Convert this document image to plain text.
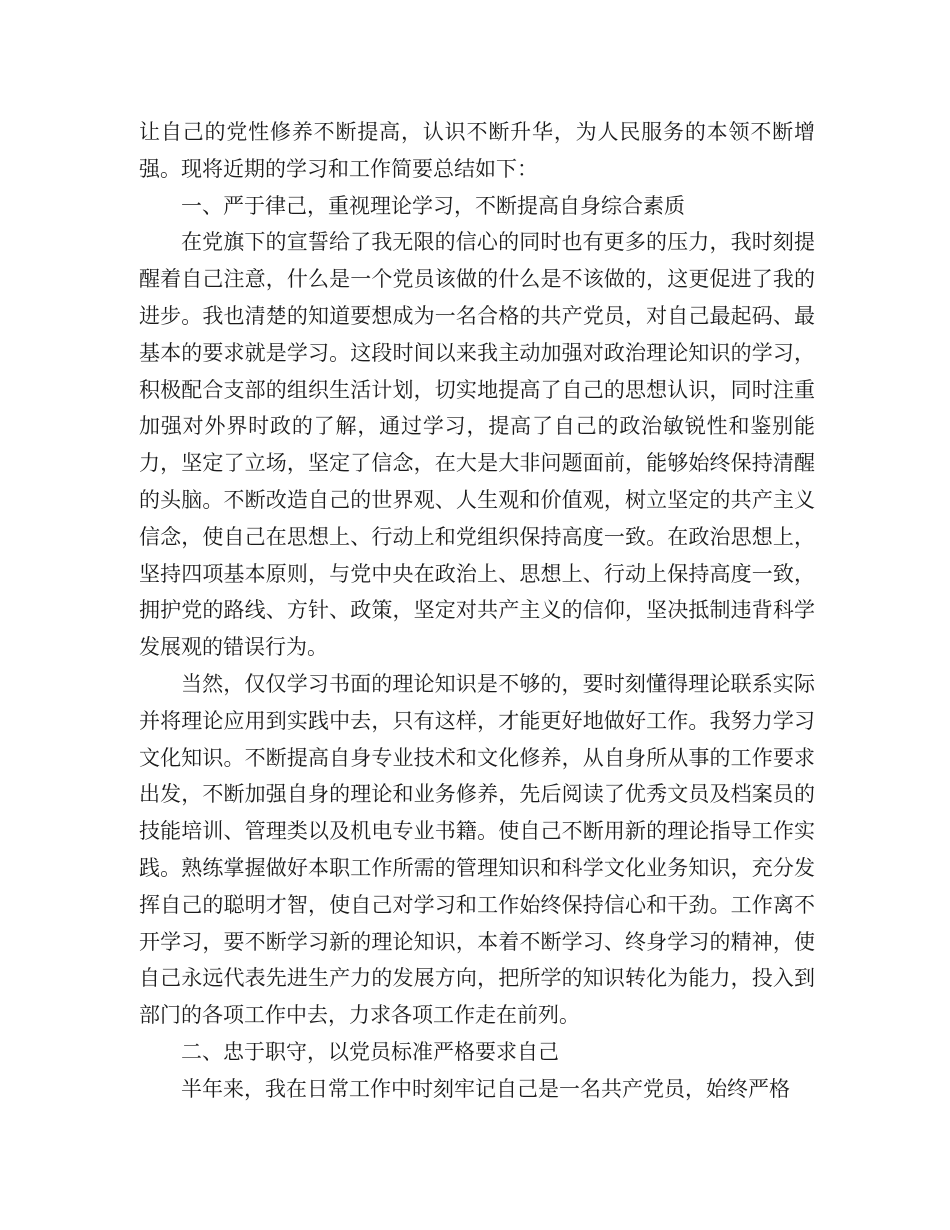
让自己的党性修养不断提高，认识不断升华，为人民服务的本领不断增强。现将近期的学习和工作简要总结如下：

一、严于律己，重视理论学习，不断提高自身综合素质

在党旗下的宣誓给了我无限的信心的同时也有更多的压力，我时刻提醒着自己注意，什么是一个党员该做的什么是不该做的，这更促进了我的进步。我也清楚的知道要想成为一名合格的共产党员，对自己最起码、最基本的要求就是学习。这段时间以来我主动加强对政治理论知识的学习，积极配合支部的组织生活计划，切实地提高了自己的思想认识，同时注重加强对外界时政的了解，通过学习，提高了自己的政治敏锐性和鉴别能力，坚定了立场，坚定了信念，在大是大非问题面前，能够始终保持清醒的头脑。不断改造自己的世界观、人生观和价值观，树立坚定的共产主义信念，使自己在思想上、行动上和党组织保持高度一致。在政治思想上，坚持四项基本原则，与党中央在政治上、思想上、行动上保持高度一致，拥护党的路线、方针、政策，坚定对共产主义的信仰，坚决抵制违背科学发展观的错误行为。

当然，仅仅学习书面的理论知识是不够的，要时刻懂得理论联系实际并将理论应用到实践中去，只有这样，才能更好地做好工作。我努力学习文化知识。不断提高自身专业技术和文化修养，从自身所从事的工作要求出发，不断加强自身的理论和业务修养，先后阅读了优秀文员及档案员的技能培训、管理类以及机电专业书籍。使自己不断用新的理论指导工作实践。熟练掌握做好本职工作所需的管理知识和科学文化业务知识，充分发挥自己的聪明才智，使自己对学习和工作始终保持信心和干劲。工作离不开学习，要不断学习新的理论知识，本着不断学习、终身学习的精神，使自己永远代表先进生产力的发展方向，把所学的知识转化为能力，投入到部门的各项工作中去，力求各项工作走在前列。

二、忠于职守，以党员标准严格要求自己

半年来，我在日常工作中时刻牢记自己是一名共产党员，始终严格
